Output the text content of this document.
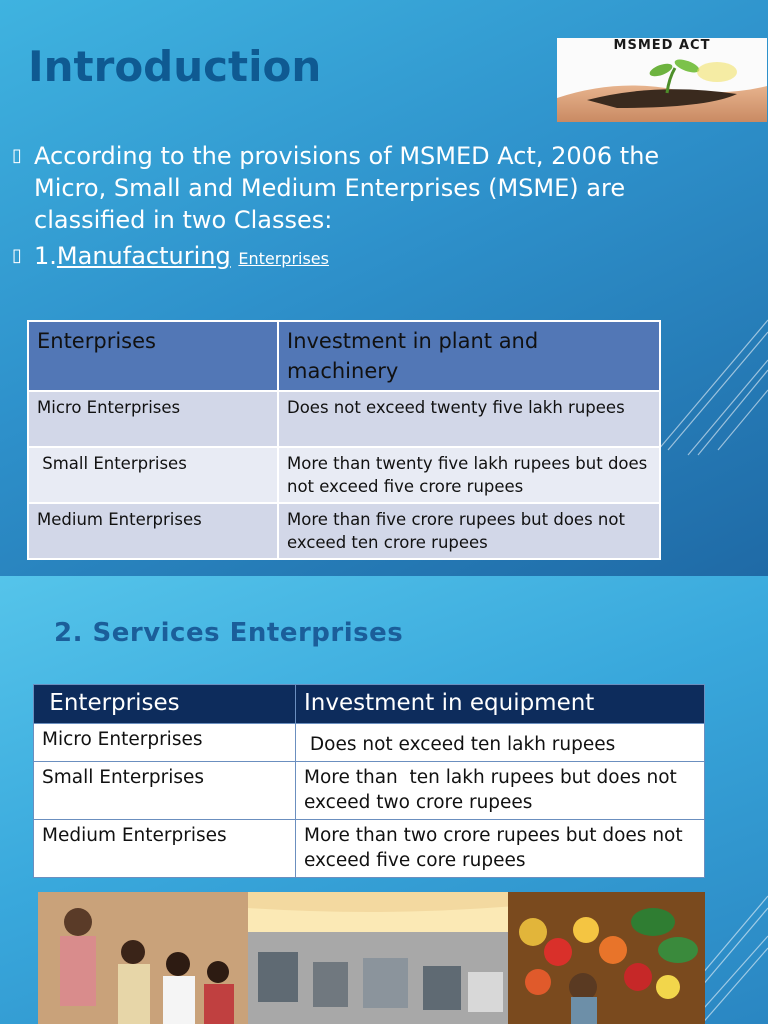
Introduction	MSMED ACT
▯ According to the provisions of MSMED Act, 2006 the Micro, Small and Medium Enterprises (MSME) are classified in two Classes:
▯ 1.Manufacturing Enterprises
Enterprises	Investment in plant and machinery
Micro Enterprises	Does not exceed twenty five lakh rupees
Small Enterprises	More than twenty five lakh rupees but does not exceed five crore rupees
Medium Enterprises	More than five crore rupees but does not exceed ten crore rupees
2. Services Enterprises
Enterprises	Investment in equipment
Micro Enterprises	Does not exceed ten lakh rupees
Small Enterprises	More than  ten lakh rupees but does not exceed two crore rupees
Medium Enterprises	More than two crore rupees but does not exceed five core rupees
